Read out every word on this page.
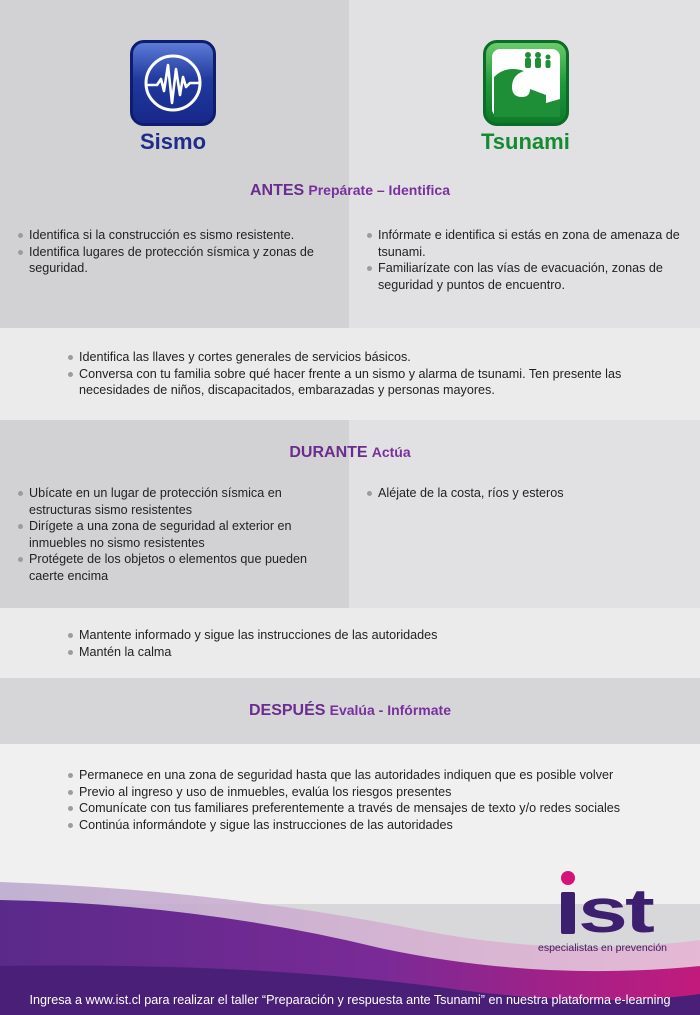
Sismo	Tsunami
ANTES Prepárate – Identifica
Identifica si la construcción es sismo resistente.
Identifica lugares de protección sísmica y zonas de seguridad.
Infórmate e identifica si estás en zona de amenaza de tsunami.
Familiarízate con las vías de evacuación, zonas de seguridad y puntos de encuentro.
Identifica las llaves y cortes generales de servicios básicos.
Conversa con tu familia sobre qué hacer frente a un sismo y alarma de tsunami. Ten presente las necesidades de niños, discapacitados, embarazadas y personas mayores.
DURANTE Actúa
Ubícate en un lugar de protección sísmica en estructuras sismo resistentes
Dirígete a una zona de seguridad al exterior en inmuebles no sismo resistentes
Protégete de los objetos o elementos que pueden caerte encima
Aléjate de la costa, ríos y esteros
Mantente informado y sigue las instrucciones de las autoridades
Mantén la calma
DESPUÉS Evalúa - Infórmate
Permanece en una zona de seguridad hasta que las autoridades indiquen que es posible volver
Previo al ingreso y uso de inmuebles, evalúa los riesgos presentes
Comunícate con tus familiares preferentemente a través de mensajes de texto y/o redes sociales
Continúa informándote y sigue las instrucciones de las autoridades
st
especialistas en prevención
Ingresa a www.ist.cl para realizar el taller “Preparación y respuesta ante Tsunami” en nuestra plataforma e-learning
